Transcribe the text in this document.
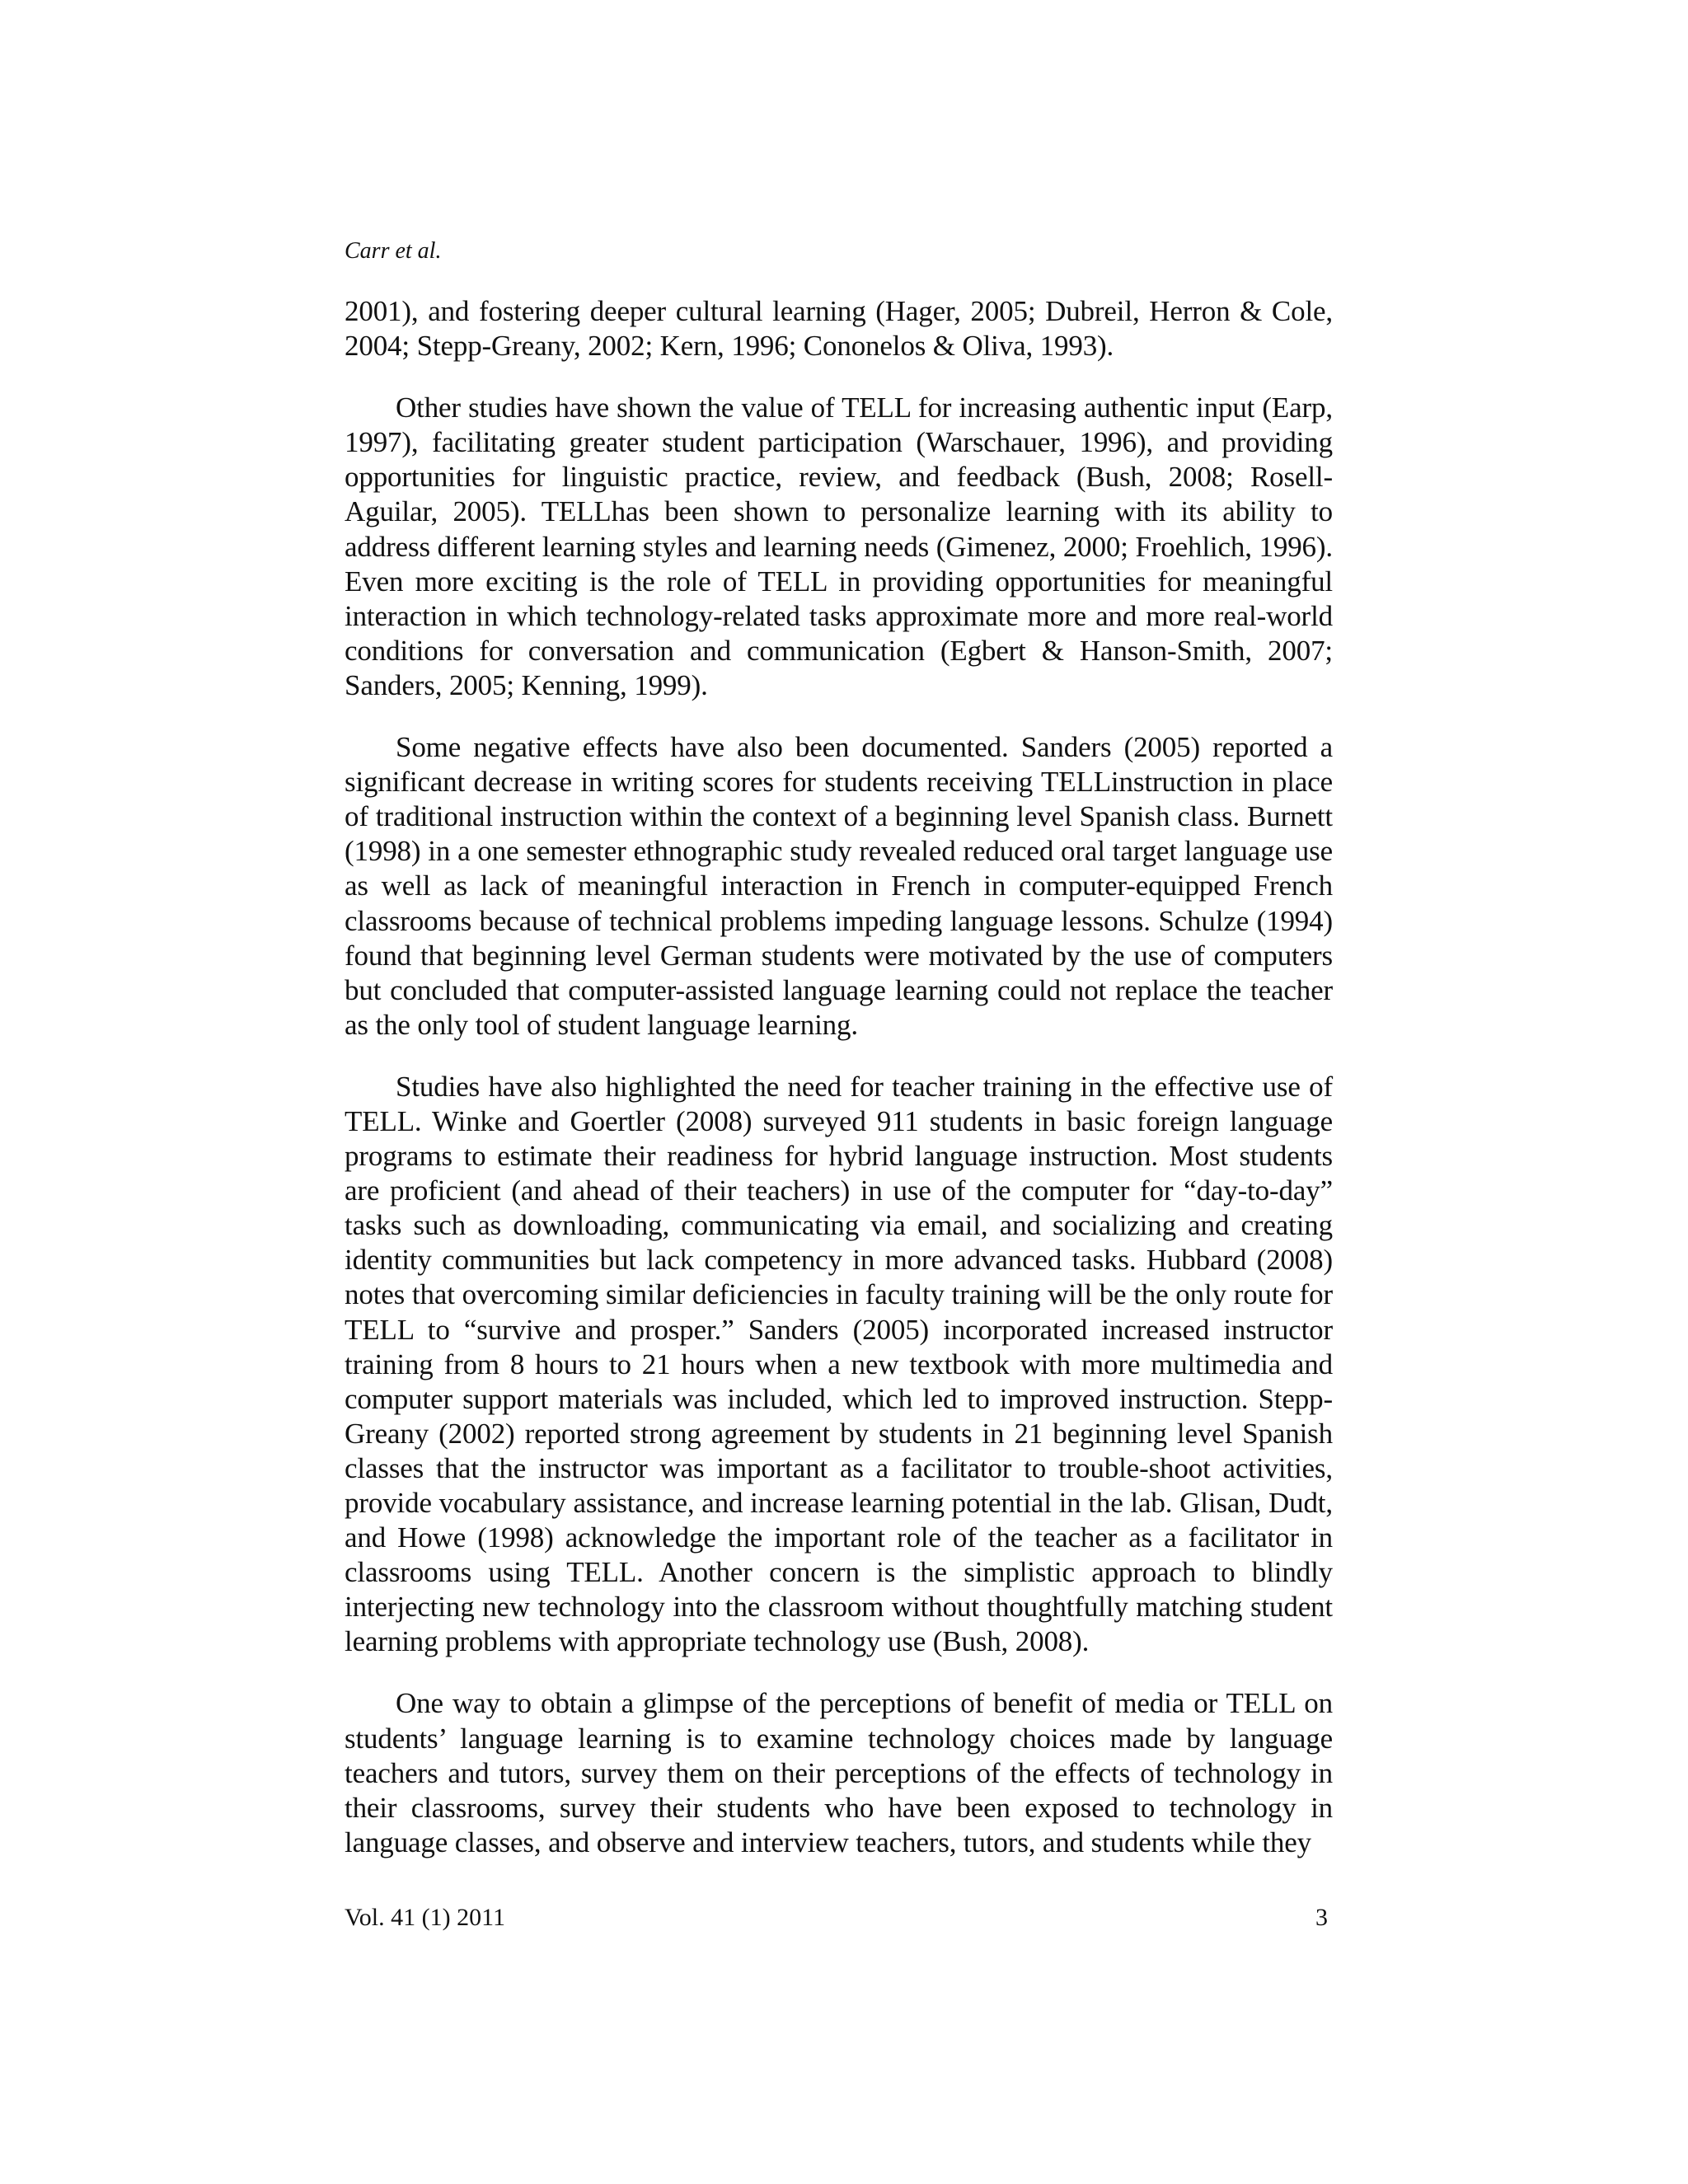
Carr et al.

2001), and fostering deeper cultural learning (Hager, 2005; Dubreil, Herron & Cole, 2004; Stepp-Greany, 2002; Kern, 1996; Cononelos & Oliva, 1993).

Other studies have shown the value of TELL for increasing authentic input (Earp, 1997), facilitating greater student participation (Warschauer, 1996), and providing opportunities for linguistic practice, review, and feedback (Bush, 2008; Rosell-Aguilar, 2005). TELLhas been shown to personalize learning with its ability to address different learning styles and learning needs (Gimenez, 2000; Froehlich, 1996). Even more exciting is the role of TELL in providing opportunities for meaningful interaction in which technology-related tasks approximate more and more real-world conditions for conversation and communication (Egbert & Hanson-Smith, 2007; Sanders, 2005; Kenning, 1999).

Some negative effects have also been documented. Sanders (2005) reported a significant decrease in writing scores for students receiving TELLinstruction in place of traditional instruction within the context of a beginning level Spanish class. Burnett (1998) in a one semester ethnographic study revealed reduced oral target language use as well as lack of meaningful interaction in French in computer-equipped French classrooms because of technical problems impeding language lessons. Schulze (1994) found that beginning level German students were motivated by the use of computers but concluded that computer-assisted language learning could not replace the teacher as the only tool of student language learning.

Studies have also highlighted the need for teacher training in the effective use of TELL. Winke and Goertler (2008) surveyed 911 students in basic foreign language programs to estimate their readiness for hybrid language instruction. Most students are proficient (and ahead of their teachers) in use of the computer for “day-to-day” tasks such as downloading, communicating via email, and socializing and creating identity communities but lack competency in more advanced tasks. Hubbard (2008) notes that overcoming similar deficiencies in faculty training will be the only route for TELL to “survive and prosper.” Sanders (2005) incorporated increased instructor training from 8 hours to 21 hours when a new textbook with more multimedia and computer support materials was included, which led to improved instruction. Stepp-Greany (2002) reported strong agreement by students in 21 beginning level Spanish classes that the instructor was important as a facilitator to trouble-shoot activities, provide vocabulary assistance, and increase learning potential in the lab. Glisan, Dudt, and Howe (1998) acknowledge the important role of the teacher as a facilitator in classrooms using TELL. Another concern is the simplistic approach to blindly interjecting new technology into the classroom without thoughtfully matching student learning problems with appropriate technology use (Bush, 2008).

One way to obtain a glimpse of the perceptions of benefit of media or TELL on students’ language learning is to examine technology choices made by language teachers and tutors, survey them on their perceptions of the effects of technology in their classrooms, survey their students who have been exposed to technology in language classes, and observe and interview teachers, tutors, and students while they

Vol. 41 (1) 2011	3
